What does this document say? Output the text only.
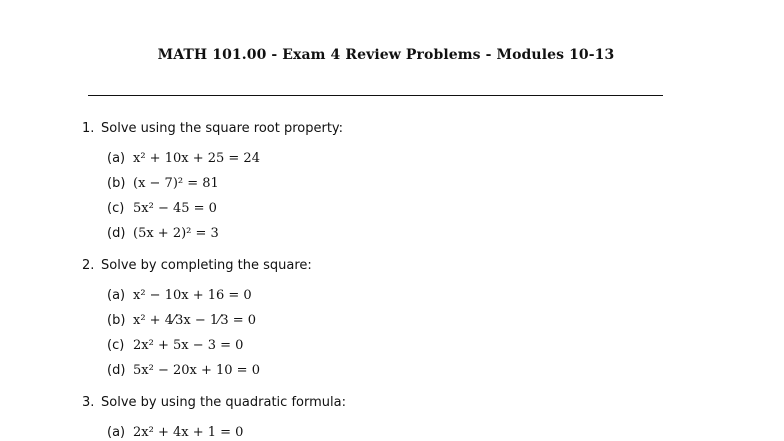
MATH 101.00 - Exam 4 Review Problems - Modules 10-13
1. Solve using the square root property:
(a) x² + 10x + 25 = 24
(b) (x − 7)² = 81
(c) 5x² − 45 = 0
(d) (5x + 2)² = 3
2. Solve by completing the square:
(a) x² − 10x + 16 = 0
(b) x² + 4⁄3x − 1⁄3 = 0
(c) 2x² + 5x − 3 = 0
(d) 5x² − 20x + 10 = 0
3. Solve by using the quadratic formula:
(a) 2x² + 4x + 1 = 0
